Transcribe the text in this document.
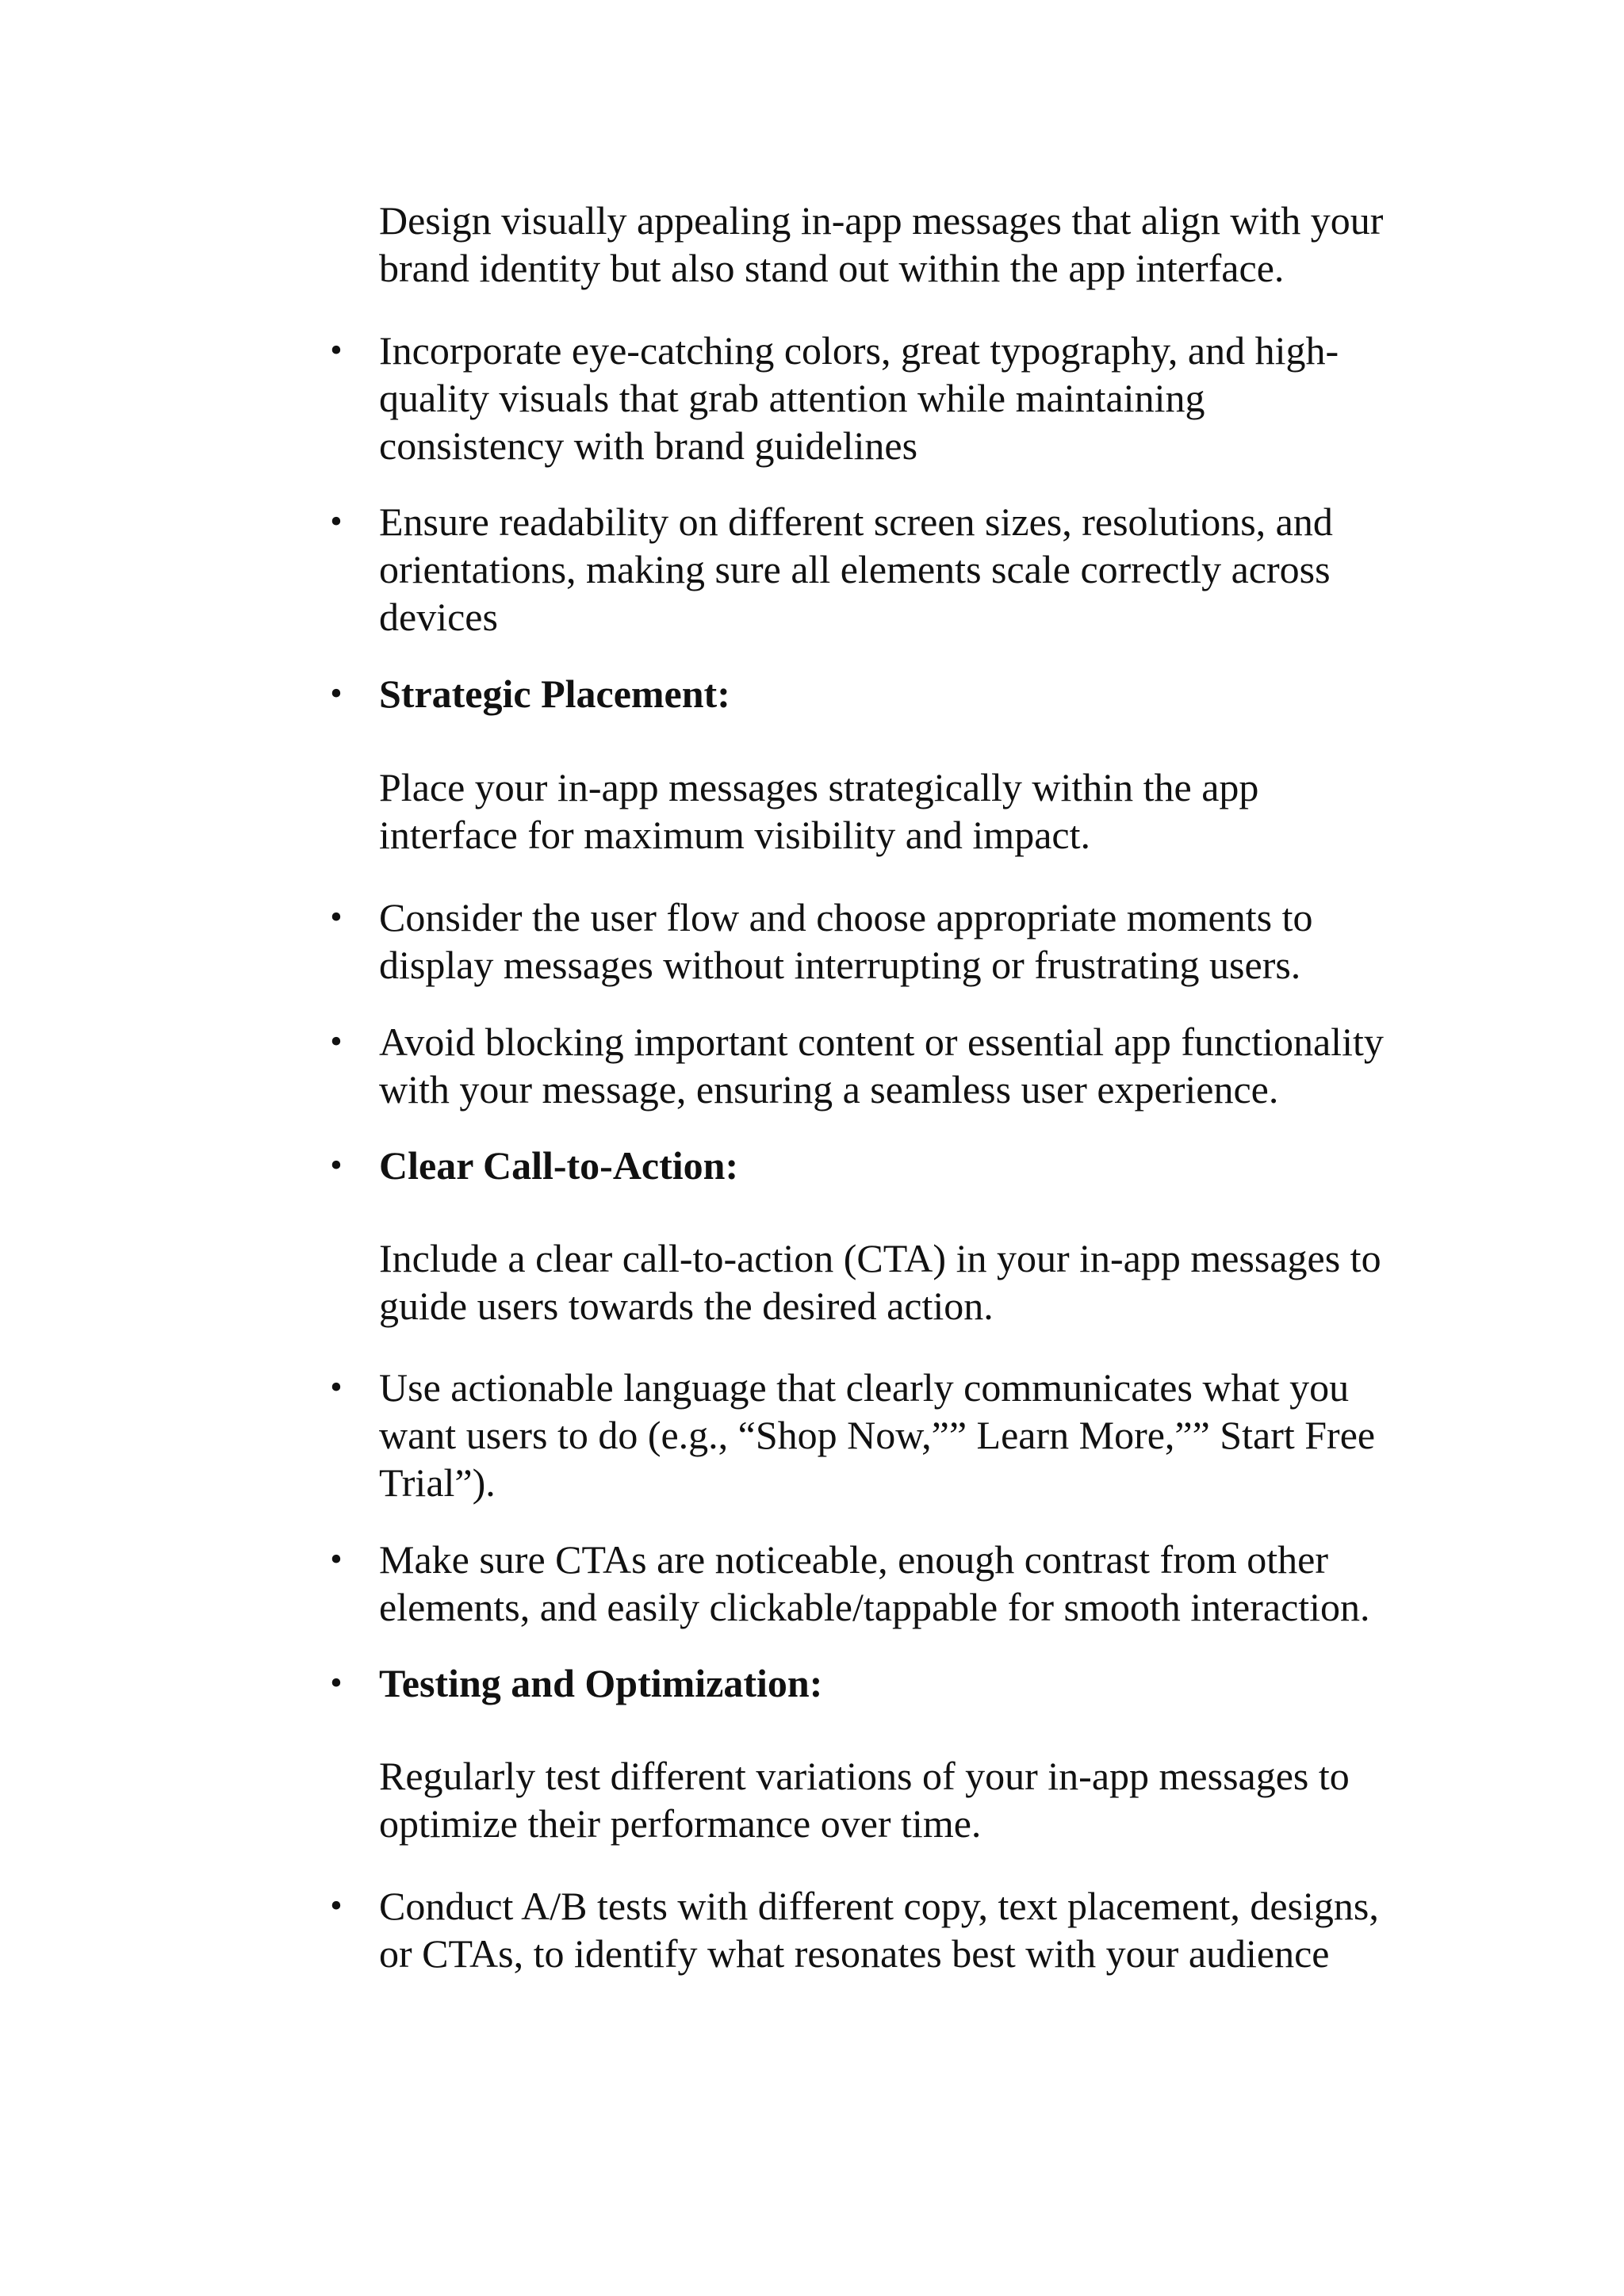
Design visually appealing in-app messages that align with your
brand identity but also stand out within the app interface.
• Incorporate eye-catching colors, great typography, and high-
quality visuals that grab attention while maintaining
consistency with brand guidelines
• Ensure readability on different screen sizes, resolutions, and
orientations, making sure all elements scale correctly across
devices
• Strategic Placement:
Place your in-app messages strategically within the app
interface for maximum visibility and impact.
• Consider the user flow and choose appropriate moments to
display messages without interrupting or frustrating users.
• Avoid blocking important content or essential app functionality
with your message, ensuring a seamless user experience.
• Clear Call-to-Action:
Include a clear call-to-action (CTA) in your in-app messages to
guide users towards the desired action.
• Use actionable language that clearly communicates what you
want users to do (e.g., “Shop Now,”” Learn More,”” Start Free
Trial”).
• Make sure CTAs are noticeable, enough contrast from other
elements, and easily clickable/tappable for smooth interaction.
• Testing and Optimization:
Regularly test different variations of your in-app messages to
optimize their performance over time.
• Conduct A/B tests with different copy, text placement, designs,
or CTAs, to identify what resonates best with your audience
